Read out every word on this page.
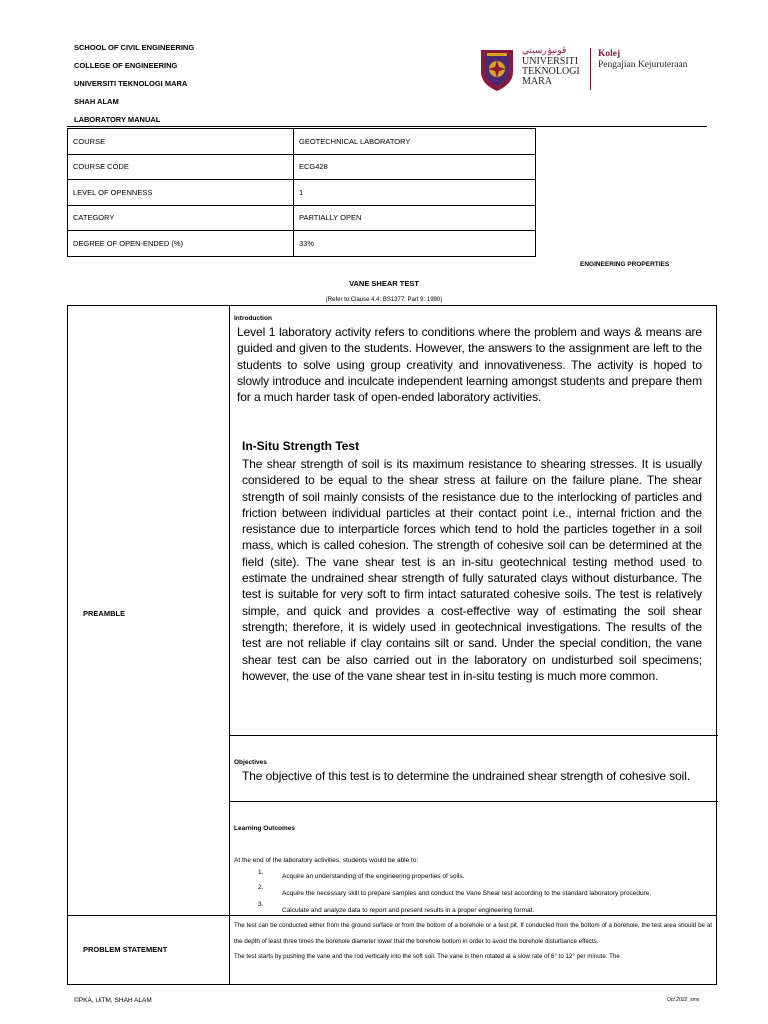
SCHOOL OF CIVIL ENGINEERING
COLLEGE OF ENGINEERING
UNIVERSITI TEKNOLOGI MARA
SHAH ALAM
LABORATORY MANUAL
ڤونيۏرسيتي
UNIVERSITI
TEKNOLOGI
MARA
Kolej
Pengajian Kejuruteraan
COURSE	GEOTECHNICAL LABORATORY
COURSE CODE	ECG428
LEVEL OF OPENNESS	1
CATEGORY	PARTIALLY OPEN
DEGREE OF OPEN-ENDED (%)	33%
ENGINEERING PROPERTIES
VANE SHEAR TEST
(Refer to Clause 4.4: BS1377: Part 9: 1990)
PREAMBLE
Introduction
Level 1 laboratory activity refers to conditions where the problem and ways & means are guided and given to the students. However, the answers to the assignment are left to the students to solve using group creativity and innovativeness. The activity is hoped to slowly introduce and inculcate independent learning amongst students and prepare them for a much harder task of open-ended laboratory activities.
In-Situ Strength Test
The shear strength of soil is its maximum resistance to shearing stresses. It is usually considered to be equal to the shear stress at failure on the failure plane. The shear strength of soil mainly consists of the resistance due to the interlocking of particles and friction between individual particles at their contact point i.e., internal friction and the resistance due to interparticle forces which tend to hold the particles together in a soil mass, which is called cohesion. The strength of cohesive soil can be determined at the field (site). The vane shear test is an in-situ geotechnical testing method used to estimate the undrained shear strength of fully saturated clays without disturbance. The test is suitable for very soft to firm intact saturated cohesive soils. The test is relatively simple, and quick and provides a cost-effective way of estimating the soil shear strength; therefore, it is widely used in geotechnical investigations. The results of the test are not reliable if clay contains silt or sand. Under the special condition, the vane shear test can be also carried out in the laboratory on undisturbed soil specimens; however, the use of the vane shear test in in-situ testing is much more common.
Objectives
The objective of this test is to determine the undrained shear strength of cohesive soil.
Learning Outcomes
At the end of the laboratory activities, students would be able to:
1.
Acquire an understanding of the engineering properties of soils.
2.
Acquire the necessary skill to prepare samples and conduct the Vane Shear test according to the standard laboratory procedure.
3.
Calculate and analyze data to report and present results in a proper engineering format.
PROBLEM STATEMENT
The test can be conducted either from the ground surface or from the bottom of a borehole or a test pit. If conducted from the bottom of a borehole, the test area should be at the depth of least three times the borehole diameter lower that the borehole bottom in order to avoid the borehole disturbance effects.
The test starts by pushing the vane and the rod vertically into the soft soil. The vane is then rotated at a slow rate of 6° to 12° per minute. The
©PKA, UiTM, SHAH ALAM	Oct 2022_sms
